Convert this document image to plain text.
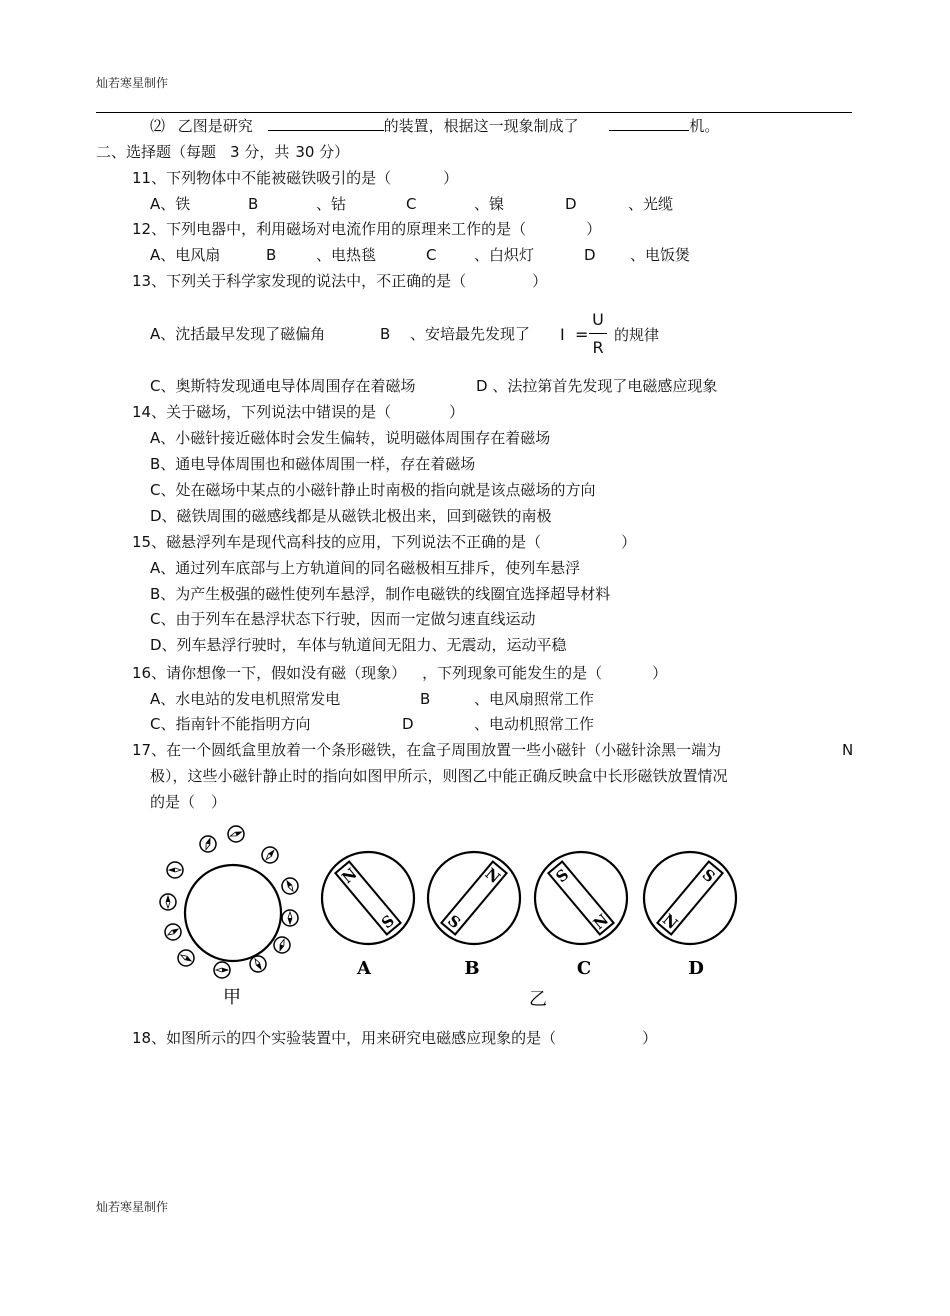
灿若寒星制作
⑵ 乙图是研究	的装置，根据这一现象制成了	机。
二、选择题（每题 3 分，共 30 分）
11、下列物体中不能被磁铁吸引的是（	）
A、铁	B	、钴	C	、镍	D	、光缆
12、下列电器中，利用磁场对电流作用的原理来工作的是（	）
A、电风扇	B	、电热毯	C	、白炽灯	D 、电饭煲
13、下列关于科学家发现的说法中，不正确的是（	）
A、沈括最早发现了磁偏角	B 、安培最先发现了 I =
U
R
的规律
C、奥斯特发现通电导体周围存在着磁场	D 、法拉第首先发现了电磁感应现象
14、关于磁场，下列说法中错误的是（	）
A、小磁针接近磁体时会发生偏转，说明磁体周围存在着磁场
B、通电导体周围也和磁体周围一样，存在着磁场
C、处在磁场中某点的小磁针静止时南极的指向就是该点磁场的方向
D、磁铁周围的磁感线都是从磁铁北极出来，回到磁铁的南极
15、磁悬浮列车是现代高科技的应用，下列说法不正确的是（	）
A、通过列车底部与上方轨道间的同名磁极相互排斥，使列车悬浮
B、为产生极强的磁性使列车悬浮，制作电磁铁的线圈宜选择超导材料
C、由于列车在悬浮状态下行驶，因而一定做匀速直线运动
D、列车悬浮行驶时，车体与轨道间无阻力、无震动，运动平稳
16、请你想像一下，假如没有磁（现象） ，下列现象可能发生的是（	）
A、水电站的发电机照常发电	B	、电风扇照常工作
C、指南针不能指明方向	D	、电动机照常工作
17、在一个圆纸盒里放着一个条形磁铁，在盒子周围放置一些小磁针（小磁针涂黑一端为	N
极），这些小磁针静止时的指向如图甲所示，则图乙中能正确反映盒中长形磁铁放置情况
的是（ ）
甲
N
S
A
S
N
B
S
N
C
N
S
D
乙
18、如图所示的四个实验装置中，用来研究电磁感应现象的是（	）
灿若寒星制作
